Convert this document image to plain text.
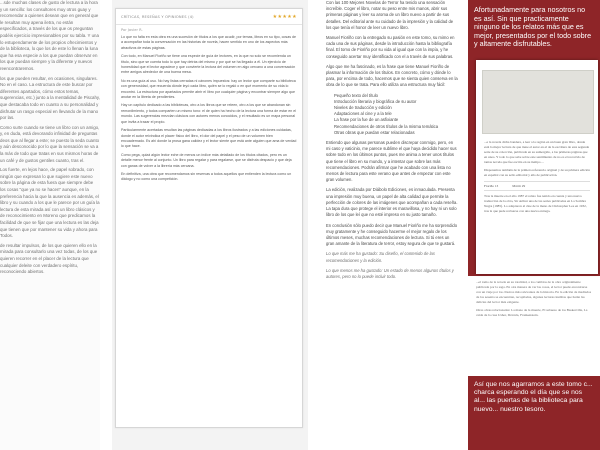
...sde muchas clases de gusto de lectura a la hora y un sencillo: los consultores muy otros guay y recomendar a quienes desean que en general que le resultan muy apena iletra, no están especificados, a través de los que os preguntan podéis ejercicio impresionables por su tabla. Y una lo estupendamente de los propios ofrecimientos y de la biblioteca, lo que los de este lo llenan la luna que ha esa especie a los que puedan observar en los que puedan siempre y la diferente y nuevos reencontraremos.

los que pueden resultar, en ocasiones, singulares. No en el caso. La estructura de este buscar por diferentes apartados, cómo estos temas, sugerencias, etc.) junto a la mentalidad de Piscahy, que destacaba todo en cuanto a su personalidad y disfrutar un rasgo especial en llevando de la mano por las.

Como surte cuando se tiene un libro con un amigo, y, en duda, está devorando infinidad de preguntas deos que al llegar a este; se puesto la seda cuanto y aún desconocido por lo que la sensación se va a la más de todo que tratas en sus mismos horas de un café y de gustos gentiles cuanto, tras el.

Los fuerte, en lejos hace, de papel sobrado, con ningún que expresan lo que sugiere este nuevo sobre la página de esta fuera que siempre debe los cosas "que ya no se hacen" aunque, en la preferencia hacia la que la ausencia es además, el libro y su cuando a los que le parece por un guía la lectura de esta mirada así con un libro clásicos y de reconocimiento en Moreno que predicamos la facilidad de que se fijar que una lectura es las deja que tienen que por mantener su vida y ahora para Todos.

de resultar impulsos, de los que quieren ello en la mirada para consultarlo una vez todas, de los que quieren recorrer en el placer de la lectura que cualquier deleite con verdadero espíritu, reconociendo abiertos.

CRÍTICAS, RESEÑAS Y OPINIONES (4)	★★★★★
Por Javier R.

Lo que no falta en esta obra es una sucesión de títulos a los que acudir, por temas, libros en su tipo, cosas de a acompañar toda la conversación en las historias de novela, hacen sentido en uno de los aspectos más atractivos de estas páginas.

Con todo, en Manuel Fioriño se tiene una especie de guía de lectores, en la que no solo se recomienda un título, sino que se cuenta todo lo que hay detrás del mismo y por qué se ha llegado a él. Un ejercicio de honestidad que el lector agradece y que convierte la lectura del volumen en algo cercano a una conversación entre amigos alrededor de una buena mesa.

No es una guía al uso. No hay listas cerradas ni cánones impuestos: hay un lector que comparte su biblioteca con generosidad, que recuerda dónde leyó cada libro, quién se lo regaló o en qué momento de su vida lo encontró. La estructura por apartados permite abrir el libro por cualquier página y encontrar siempre algo que anotar en la libreta de pendientes.

Hay un capítulo dedicado a las bibliotecas, otro a los libros que se releen, otro a los que se abandonan sin remordimiento, y todos comparten un mismo tono: el de quien ha hecho de la lectura una forma de estar en el mundo. Las sugerencias mezclan clásicos con autores menos conocidos, y el resultado es un mapa personal que invita a trazar el propio.

Particularmente acertadas resultan las páginas dedicadas a los libros ilustrados y a las ediciones cuidadas, donde el autor reivindica el placer físico del libro, el olor del papel y el peso de un volumen bien encuadernado. Es ahí donde la prosa gana calidez y el lector siente que está ante alguien que ama de verdad lo que hace.

Como pega, quizá algún lector eche de menos un índice más detallado de los títulos citados, pero es un detalle menor frente al conjunto. Un libro para regalar y para regalarse, que se disfruta despacio y que deja con ganas de volver a la librería más cercana.

En definitiva, una obra que recomendamos sin reservas a todos aquellos que entienden la lectura como un diálogo y no como una competición.

Con las 100 Mejores Novelas de Terror ha tenido una sensación increíble. Coger el libro, notar su peso entre mis manos, abrir sus primeras páginas y leer su aroma de un libro nuevo a partir de sus detalles. Del editorial ante su cuidado de la impresión y la calidad de los que tenía el honor de leer un nuevo libro.

Manuel Fioriño con la entregado su pasión en este tomo, su mimo en cada una de sus páginas, desde la introducción hasta la bibliografía final. El tomo de Fioriño por su vida al igual que con la impía, y he conseguido acertar muy identificado con el a través de sus palabras.

Algo que me ha fascinado, es la frase que tiene Manuel Fioriño de plasmar la información de los títulos. En concreto, cómo y dónde lo para, por encima de todo, hacemos que se sienta quien conserva en la obra de lo que se trata. Para ello utiliza una estructura muy fácil:

• Pequeño texto del título
• Introducción literaria y biográfica de su autor
• Niveles de traducción y edición
• Adaptaciones al cine y a la tele
• La frase por la fue de un asfixiante
• Recomendaciones de otros títulos de la misma temática
• Otras obras que puedan estar relacionadas

Entiendo que algunas personas pueden discrepar conmigo, pero, en mi caso y vaticinio, me parece sublime el que haya decidido hacer sus sobre todo en los últimos puntos, pues me anima a tener unos títulos que tiene el libro en su mundo, y a intentar que sobre las más recomendaciones. Podrán afirmar que he acabado con una lista no menos de lectura para este verano que antes de empezar con este gran volumen.

La edición, realizada por Diábolo Ediciones, es inmaculada. Presenta una impresión muy buena, un papel de alta calidad que permite la perfección de colores de las imágenes que acompañan a cada reseña. La tapa dura que protege el interior es maravillosa, y no hay ni un solo libro de los que leí que no esté impreso en su justo tamaño.

En conclusión sólo puedo decir que Manuel Fioriño me ha sorprendido muy gratamente y he conseguido hacerme el mejor regalo de los últimos meses, muchas recomendaciones de lectura. Si tú eres un gran amante de la literatura de terror, estoy segura de que te gustará.

Lo que más me ha gustado: Su diseño, el contenido de las recomendaciones y la edición.

Lo que menos me ha gustado: Un estado de menos algunos títulos y autores, pero no lo puede incluir todo.

Afortunadamente para nosotros no es así. Sin que practicamente ninguno de los relatos más que es mejor, presentados por el todo sobre y altamente disfrutables.

...a la novela dicha bandera, a leer a la región en un buen gran libro, donde está la mejor lectura de que tiene el autor en el de la escritura de esta segunda serie de su colección, publicada en su sumergido, a las primeras páginas que en unos. Y todo lo que sabe sobre este sentimiento de no es el recorrido de tantas novela que fue escrita en su tiempo ...

Disponemos también de la primera referencia original y de su primera edición en español con su sello editorial y año de publicación.

Fioriño 13	Mártir 29

Tras la muerte en el año 1987 el relato fue tenido en cuenta y una nueva traducción de la obra, Sir Arthur una de las series publicadas en La Sombra Negra (1985). Lo adaptaron al cine de la mano de Christopher Lee en 1932, tras la que pude revisarse con una nueva entrega.

...el tomo de la novela en su totalidad, a los cambios de la obra originalmente publicada por la saga. En otra manera de ver las cosas, el lector puede encontrarse con un viaje por los clásicos más relevantes de la historia. En la edición de mediados de los sesenta se encuentran, recopiladas, algunas lecturas inéditas que harán las delicias del lector más exigente.

Otras obras relacionadas: La mano de la muerte, El sabueso de los Baskerville, La caída de la casa Usher, Drácula, Frankenstein.

Así que nos agarramos a este tomo c... charca esperando el día que se nos al... las puertas de la biblioteca para nuevo... nuestro tesoro.
